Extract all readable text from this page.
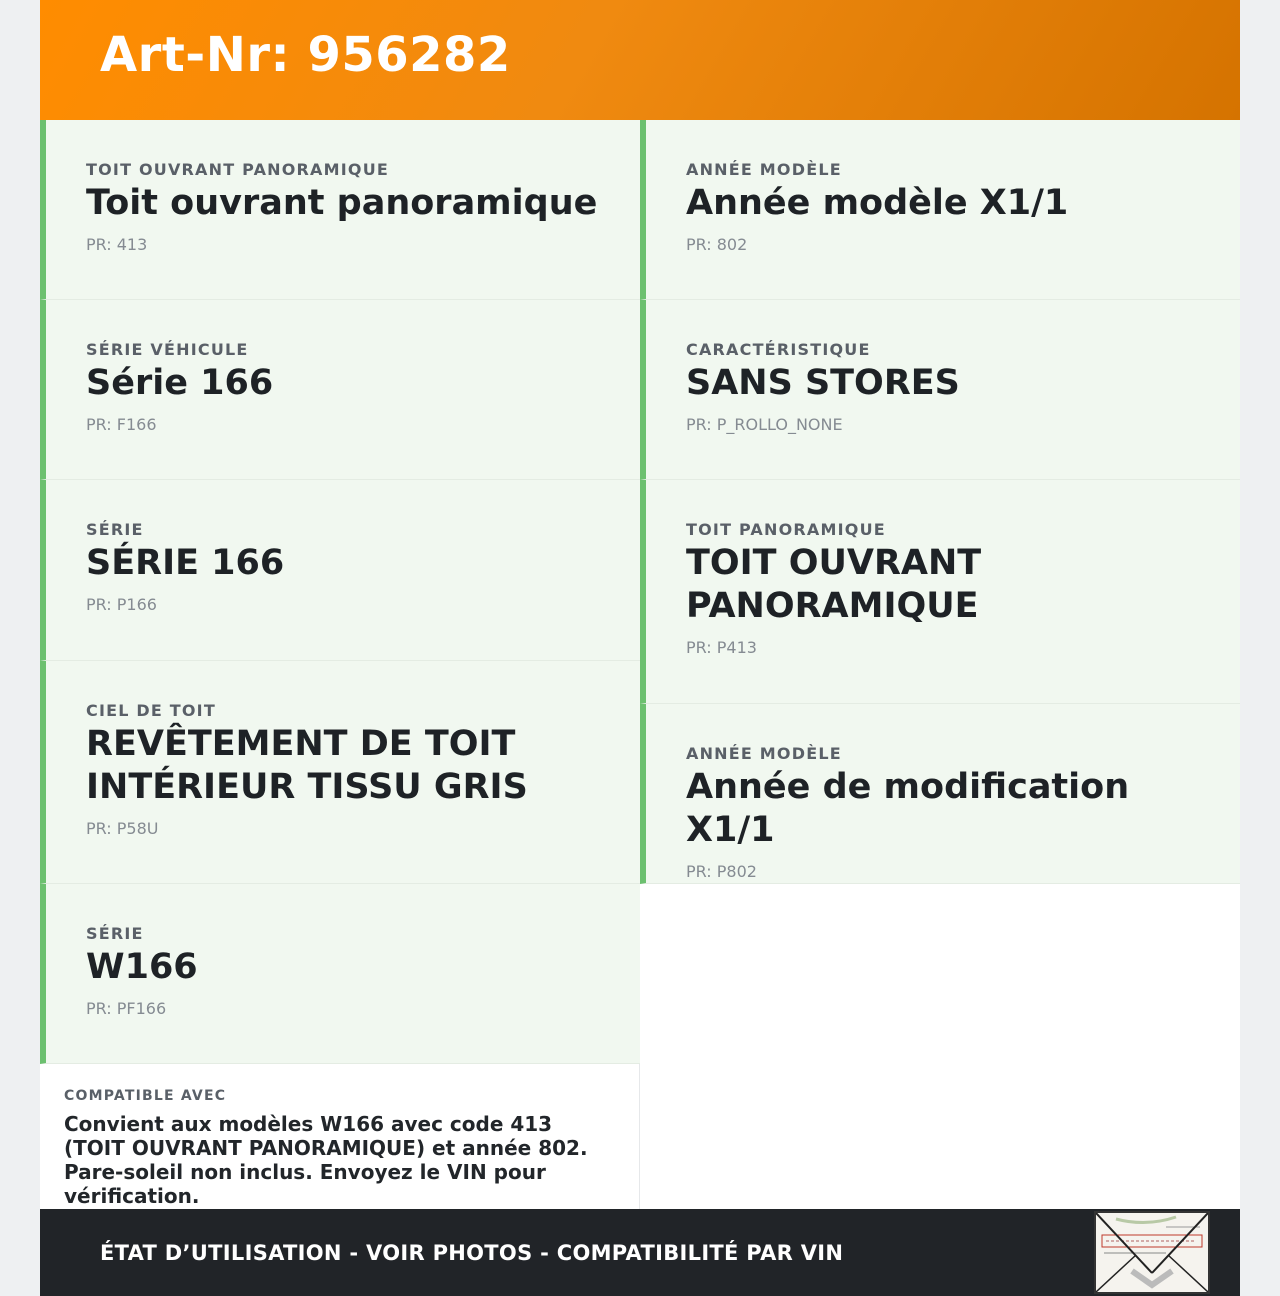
Art-Nr: 956282
TOIT OUVRANT PANORAMIQUE
Toit ouvrant panoramique
PR: 413
SÉRIE VÉHICULE
Série 166
PR: F166
SÉRIE
SÉRIE 166
PR: P166
CIEL DE TOIT
REVÊTEMENT DE TOIT INTÉRIEUR TISSU GRIS
PR: P58U
SÉRIE
W166
PR: PF166
ANNÉE MODÈLE
Année modèle X1/1
PR: 802
CARACTÉRISTIQUE
SANS STORES
PR: P_ROLLO_NONE
TOIT PANORAMIQUE
TOIT OUVRANT PANORAMIQUE
PR: P413
ANNÉE MODÈLE
Année de modification X1/1
PR: P802
COMPATIBLE AVEC
Convient aux modèles W166 avec code 413 (TOIT OUVRANT PANORAMIQUE) et année 802. Pare-soleil non inclus. Envoyez le VIN pour vérification.
ÉTAT D’UTILISATION - VOIR PHOTOS - COMPATIBILITÉ PAR VIN
